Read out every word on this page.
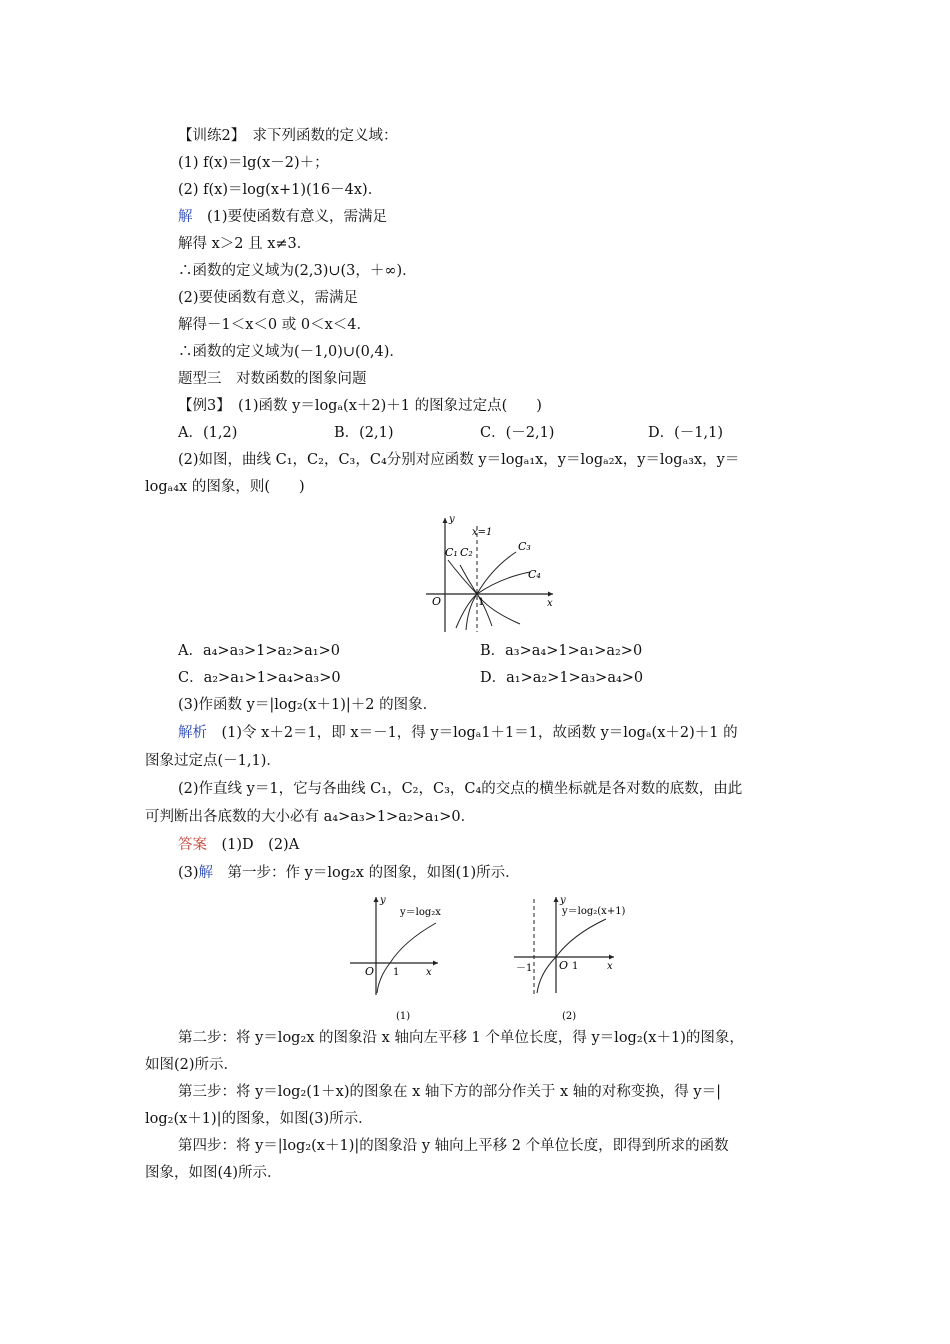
【训练2】　求下列函数的定义域：
(1) f(x)＝lg(x－2)＋；
(2) f(x)＝log(x+1)(16－4x)．
解　 (1)要使函数有意义，需满足
解得 x＞2 且 x≠3．
∴函数的定义域为(2,3)∪(3，＋∞)．
(2)要使函数有意义，需满足
解得－1＜x＜0 或 0＜x＜4．
∴函数的定义域为(－1,0)∪(0,4)．
题型三　对数函数的图象问题
【例3】　(1)函数 y＝logₐ(x＋2)＋1 的图象过定点(　　)
A．(1,2)	B．(2,1)	C．(－2,1)	D．(－1,1)
(2)如图，曲线 C₁，C₂，C₃，C₄分别对应函数 y＝logₐ₁x，y＝logₐ₂x，y＝logₐ₃x，y＝
logₐ₄x 的图象，则(　　)
y
x
O
x=1
C₁ C₂	C₃
C₄
1
A．a₄>a₃>1>a₂>a₁>0	B．a₃>a₄>1>a₁>a₂>0
C．a₂>a₁>1>a₄>a₃>0	D．a₁>a₂>1>a₃>a₄>0
(3)作函数 y＝|log₂(x＋1)|＋2 的图象．
解析　 (1)令 x＋2＝1，即 x＝－1，得 y＝logₐ1＋1＝1，故函数 y＝logₐ(x＋2)＋1 的
图象过定点(－1,1)．
(2)作直线 y＝1，它与各曲线 C₁，C₂，C₃，C₄的交点的横坐标就是各对数的底数，由此
可判断出各底数的大小必有 a₄>a₃>1>a₂>a₁>0．
答案　 (1)D　(2)A
(3)解　 第一步：作 y＝log₂x 的图象，如图(1)所示．
y
x
O 1
y＝log₂x
(1)
y
x
O 1
－1
y＝log₂(x+1)
(2)
第二步：将 y＝log₂x 的图象沿 x 轴向左平移 1 个单位长度，得 y＝log₂(x＋1)的图象，
如图(2)所示．
第三步：将 y＝log₂(1＋x)的图象在 x 轴下方的部分作关于 x 轴的对称变换，得 y＝|
log₂(x＋1)|的图象，如图(3)所示．
第四步：将 y＝|log₂(x＋1)|的图象沿 y 轴向上平移 2 个单位长度，即得到所求的函数
图象，如图(4)所示．
